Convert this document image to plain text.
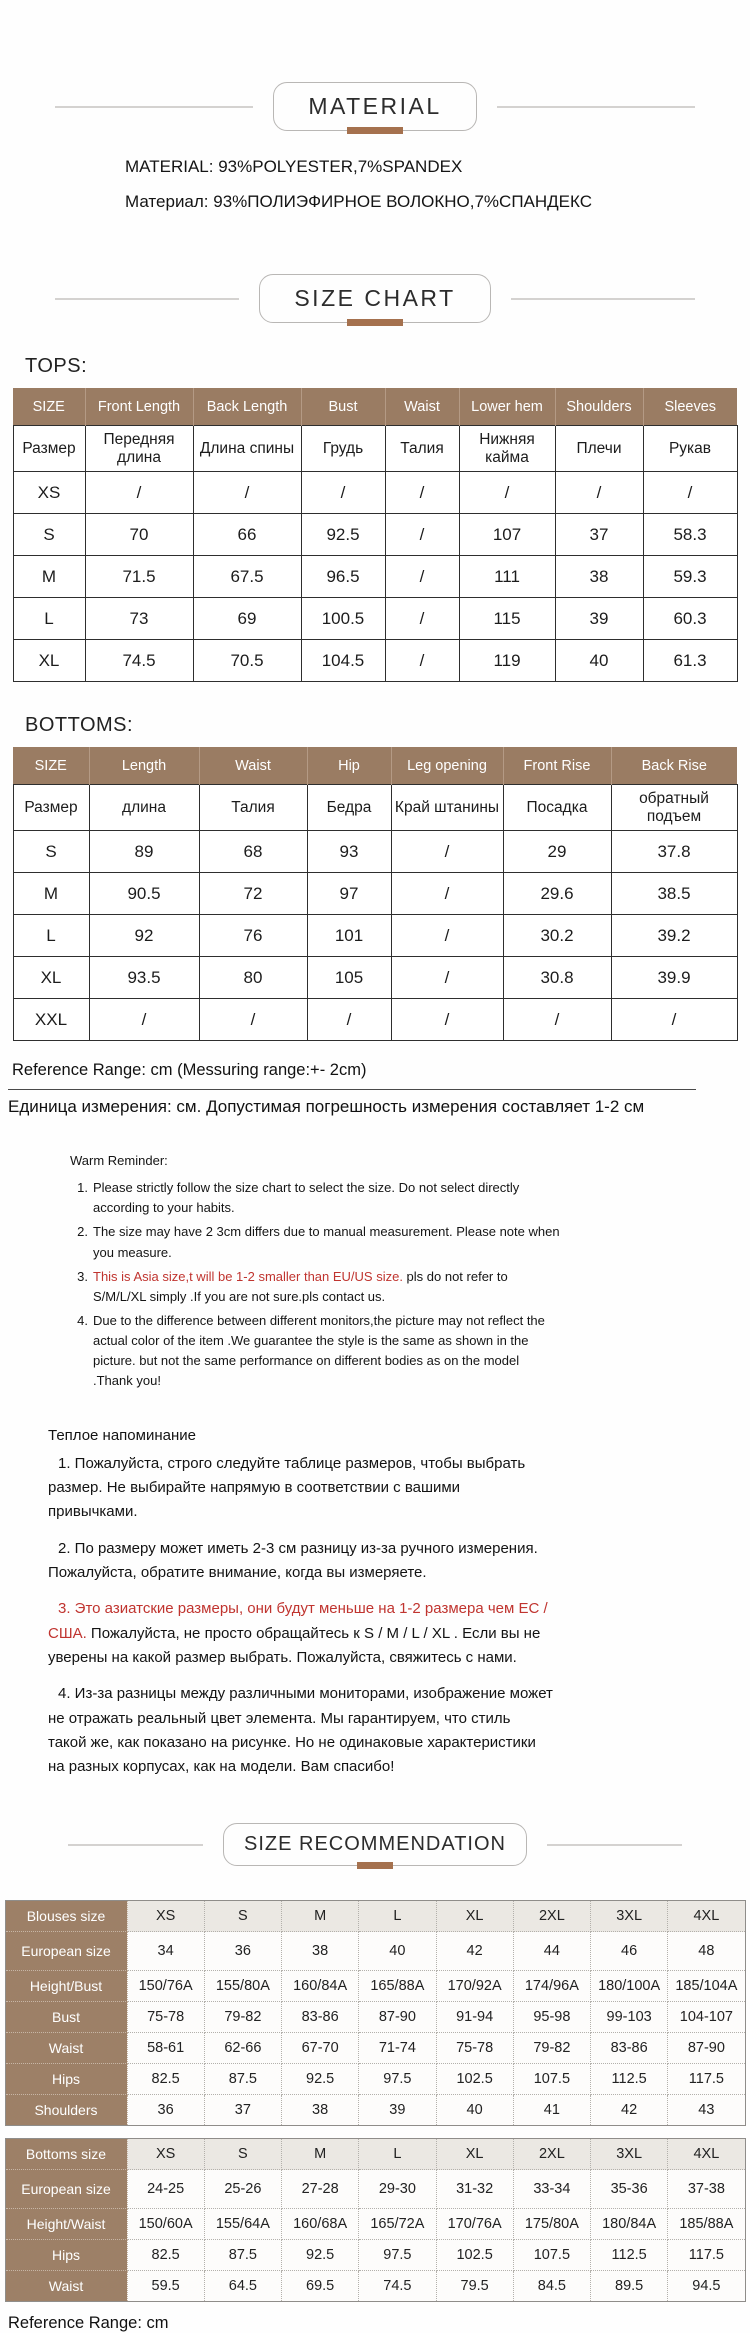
MATERIAL

MATERIAL: 93%POLYESTER,7%SPANDEX

Материал: 93%ПОЛИЭФИРНОЕ ВОЛОКНО,7%СПАНДЕКС

SIZE CHART
TOPS:
SIZE	Front Length	Back Length	Bust	Waist	Lower hem	Shoulders	Sleeves
Размер	Передняя длина	Длина спины	Грудь	Талия	Нижняя кайма	Плечи	Рукав
XS	/	/	/	/	/	/	/
S	70	66	92.5	/	107	37	58.3
M	71.5	67.5	96.5	/	111	38	59.3
L	73	69	100.5	/	115	39	60.3
XL	74.5	70.5	104.5	/	119	40	61.3
BOTTOMS:
SIZE	Length	Waist	Hip	Leg opening	Front Rise	Back Rise
Размер	длина	Талия	Бедра	Край штанины	Посадка	обратный подъем
S	89	68	93	/	29	37.8
M	90.5	72	97	/	29.6	38.5
L	92	76	101	/	30.2	39.2
XL	93.5	80	105	/	30.8	39.9
XXL	/	/	/	/	/	/
Reference Range: cm (Messuring range:+- 2cm)
Единица измерения: см. Допустимая погрешность измерения составляет 1-2 см
Warm Reminder:
1. Please strictly follow the size chart to select the size. Do not select directly according to your habits.
2. The size may have 2 3cm differs due to manual measurement. Please note when you measure.
3. This is Asia size,t will be 1-2 smaller than EU/US size. pls do not refer to S/M/L/XL simply .If you are not sure.pls contact us.
4. Due to the difference between different monitors,the picture may not reflect the actual color of the item .We guarantee the style is the same as shown in the picture. but not the same performance on different bodies as on the model .Thank you!
Теплое напоминание

1. Пожалуйста, строго следуйте таблице размеров, чтобы выбрать размер. Не выбирайте напрямую в соответствии с вашими привычками.

2. По размеру может иметь 2-3 см разницу из-за ручного измерения. Пожалуйста, обратите внимание, когда вы измеряете.

3. Это азиатские размеры, они будут меньше на 1-2 размера чем ЕС / США. Пожалуйста, не просто обращайтесь к S / M / L / XL . Если вы не уверены на какой размер выбрать. Пожалуйста, свяжитесь с нами.

4. Из-за разницы между различными мониторами, изображение может не отражать реальный цвет элемента. Мы гарантируем, что стиль такой же, как показано на рисунке. Но не одинаковые характеристики на разных корпусах, как на модели. Вам спасибо!

SIZE RECOMMENDATION
Blouses size	XS	S	M	L	XL	2XL	3XL	4XL
European size	34	36	38	40	42	44	46	48
Height/Bust	150/76A	155/80A	160/84A	165/88A	170/92A	174/96A	180/100A	185/104A
Bust	75-78	79-82	83-86	87-90	91-94	95-98	99-103	104-107
Waist	58-61	62-66	67-70	71-74	75-78	79-82	83-86	87-90
Hips	82.5	87.5	92.5	97.5	102.5	107.5	112.5	117.5
Shoulders	36	37	38	39	40	41	42	43
Bottoms size	XS	S	M	L	XL	2XL	3XL	4XL
European size	24-25	25-26	27-28	29-30	31-32	33-34	35-36	37-38
Height/Waist	150/60A	155/64A	160/68A	165/72A	170/76A	175/80A	180/84A	185/88A
Hips	82.5	87.5	92.5	97.5	102.5	107.5	112.5	117.5
Waist	59.5	64.5	69.5	74.5	79.5	84.5	89.5	94.5
Reference Range: cm
